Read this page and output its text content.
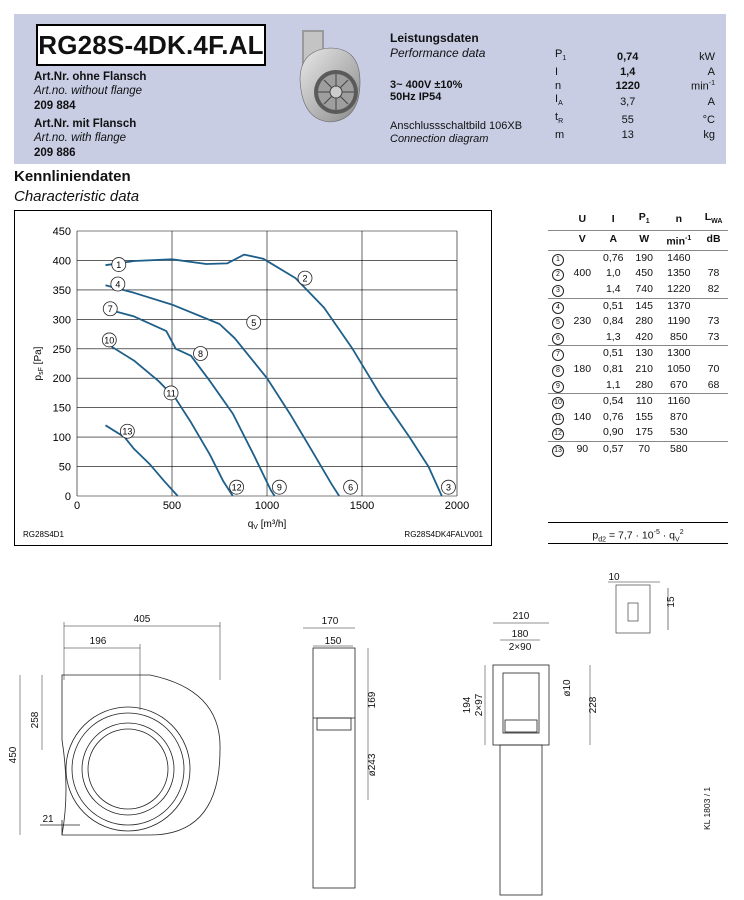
RG28S-4DK.4F.AL
Art.Nr. ohne Flansch
Art.no. without flange
209 884
Art.Nr. mit Flansch
Art.no. with flange
209 886
Leistungsdaten
Performance data
3~ 400V ±10%
50Hz IP54
Anschlussschaltbild 106XB
Connection diagram
$P_1$	0,74	kW
I	1,4	A
n	1220	$\min^{-1}$
$I_A$	3,7	A
$t_R$	55	°C
m	13	kg
Kennliniendaten
Characteristic data
0	500	1000	1500	2000
0
50
100
150
200
250
300
350
400
450
$q_V$ [m³/h]
$p_{sF}$ [Pa]
1
2
4
5
7
8
10
11
13
12	9	6	3
RG28S4D1	RG28S4DK4FALV001
	U	I	$P_1$	n	$L_{WA}$
	V	A	W	$\min^{-1}$	dB
1		0,76	190	1460	
2	400	1,0	450	1350	78
3		1,4	740	1220	82
4		0,51	145	1370	
5	230	0,84	280	1190	73
6		1,3	420	850	73
7		0,51	130	1300	
8	180	0,81	210	1050	70
9		1,1	280	670	68
10		0,54	110	1160	
11	140	0,76	155	870	
12		0,90	175	530	
13	90	0,57	70	580	
$p_{d2} = 7,7 \cdot 10^{-5} \cdot q_V^2$
405
196
258
450
21
170
150
169
ø243
210
180
2×90
194 2×97
ø10
228
10
15
KL 1803 / 1
